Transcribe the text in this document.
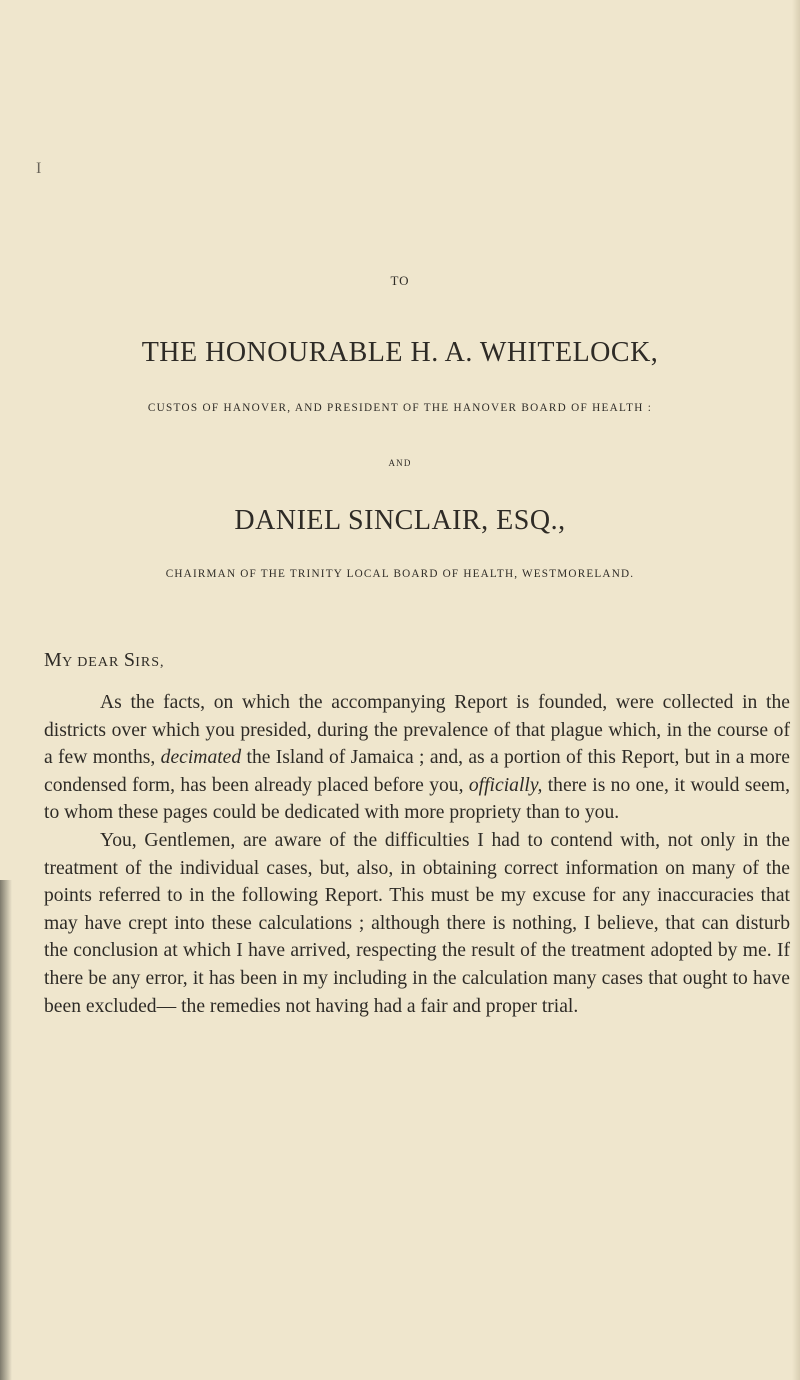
I
TO
THE HONOURABLE H. A. WHITELOCK,
CUSTOS OF HANOVER, AND PRESIDENT OF THE HANOVER BOARD OF HEALTH :
AND
DANIEL SINCLAIR, ESQ.,
CHAIRMAN OF THE TRINITY LOCAL BOARD OF HEALTH, WESTMORELAND.
MY DEAR SIRS,

As the facts, on which the accompanying Report is founded, were collected in the districts over which you presided, during the prevalence of that plague which, in the course of a few months, decimated the Island of Jamaica ; and, as a portion of this Report, but in a more condensed form, has been already placed before you, officially, there is no one, it would seem, to whom these pages could be dedicated with more propriety than to you.

You, Gentlemen, are aware of the difficulties I had to contend with, not only in the treatment of the individual cases, but, also, in obtaining correct information on many of the points referred to in the following Report. This must be my excuse for any inaccuracies that may have crept into these calculations ; although there is nothing, I believe, that can disturb the conclusion at which I have arrived, respecting the result of the treatment adopted by me. If there be any error, it has been in my including in the calculation many cases that ought to have been excluded— the remedies not having had a fair and proper trial.
